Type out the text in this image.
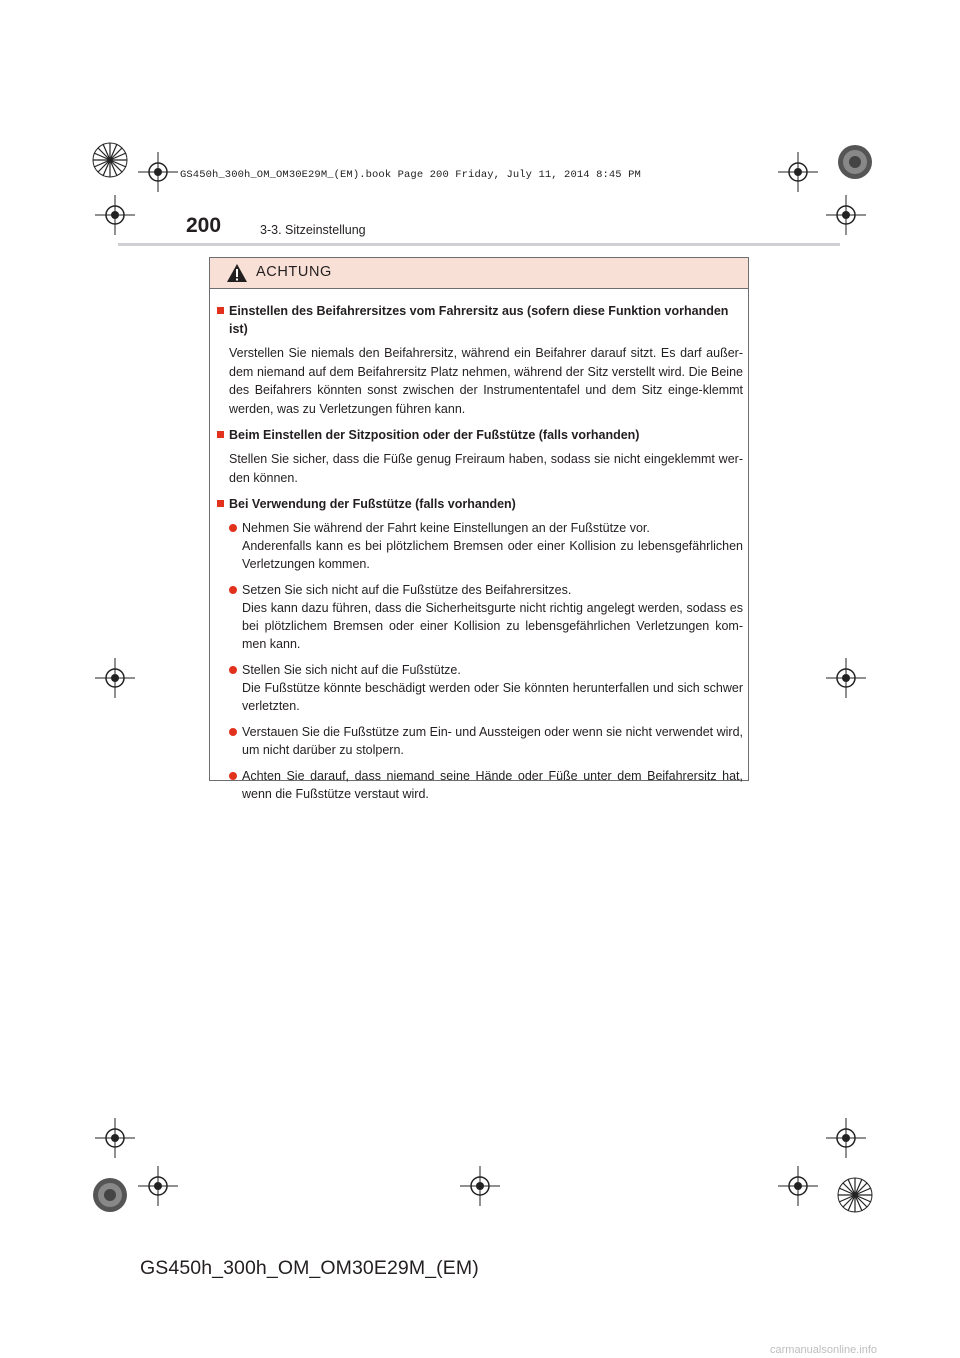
GS450h_300h_OM_OM30E29M_(EM).book Page 200 Friday, July 11, 2014 8:45 PM
200	3-3. Sitzeinstellung
ACHTUNG
Einstellen des Beifahrersitzes vom Fahrersitz aus (sofern diese Funktion vorhanden ist)
Verstellen Sie niemals den Beifahrersitz, während ein Beifahrer darauf sitzt. Es darf außer-dem niemand auf dem Beifahrersitz Platz nehmen, während der Sitz verstellt wird. Die Beine des Beifahrers könnten sonst zwischen der Instrumententafel und dem Sitz einge-klemmt werden, was zu Verletzungen führen kann.
Beim Einstellen der Sitzposition oder der Fußstütze (falls vorhanden)
Stellen Sie sicher, dass die Füße genug Freiraum haben, sodass sie nicht eingeklemmt wer-den können.
Bei Verwendung der Fußstütze (falls vorhanden)

Nehmen Sie während der Fahrt keine Einstellungen an der Fußstütze vor.

Anderenfalls kann es bei plötzlichem Bremsen oder einer Kollision zu lebensgefährlichen Verletzungen kommen.

Setzen Sie sich nicht auf die Fußstütze des Beifahrersitzes.

Dies kann dazu führen, dass die Sicherheitsgurte nicht richtig angelegt werden, sodass es bei plötzlichem Bremsen oder einer Kollision zu lebensgefährlichen Verletzungen kom-men kann.

Stellen Sie sich nicht auf die Fußstütze.

Die Fußstütze könnte beschädigt werden oder Sie könnten herunterfallen und sich schwer verletzten.

Verstauen Sie die Fußstütze zum Ein- und Aussteigen oder wenn sie nicht verwendet wird, um nicht darüber zu stolpern.

Achten Sie darauf, dass niemand seine Hände oder Füße unter dem Beifahrersitz hat, wenn die Fußstütze verstaut wird.

GS450h_300h_OM_OM30E29M_(EM)
carmanualsonline.info
